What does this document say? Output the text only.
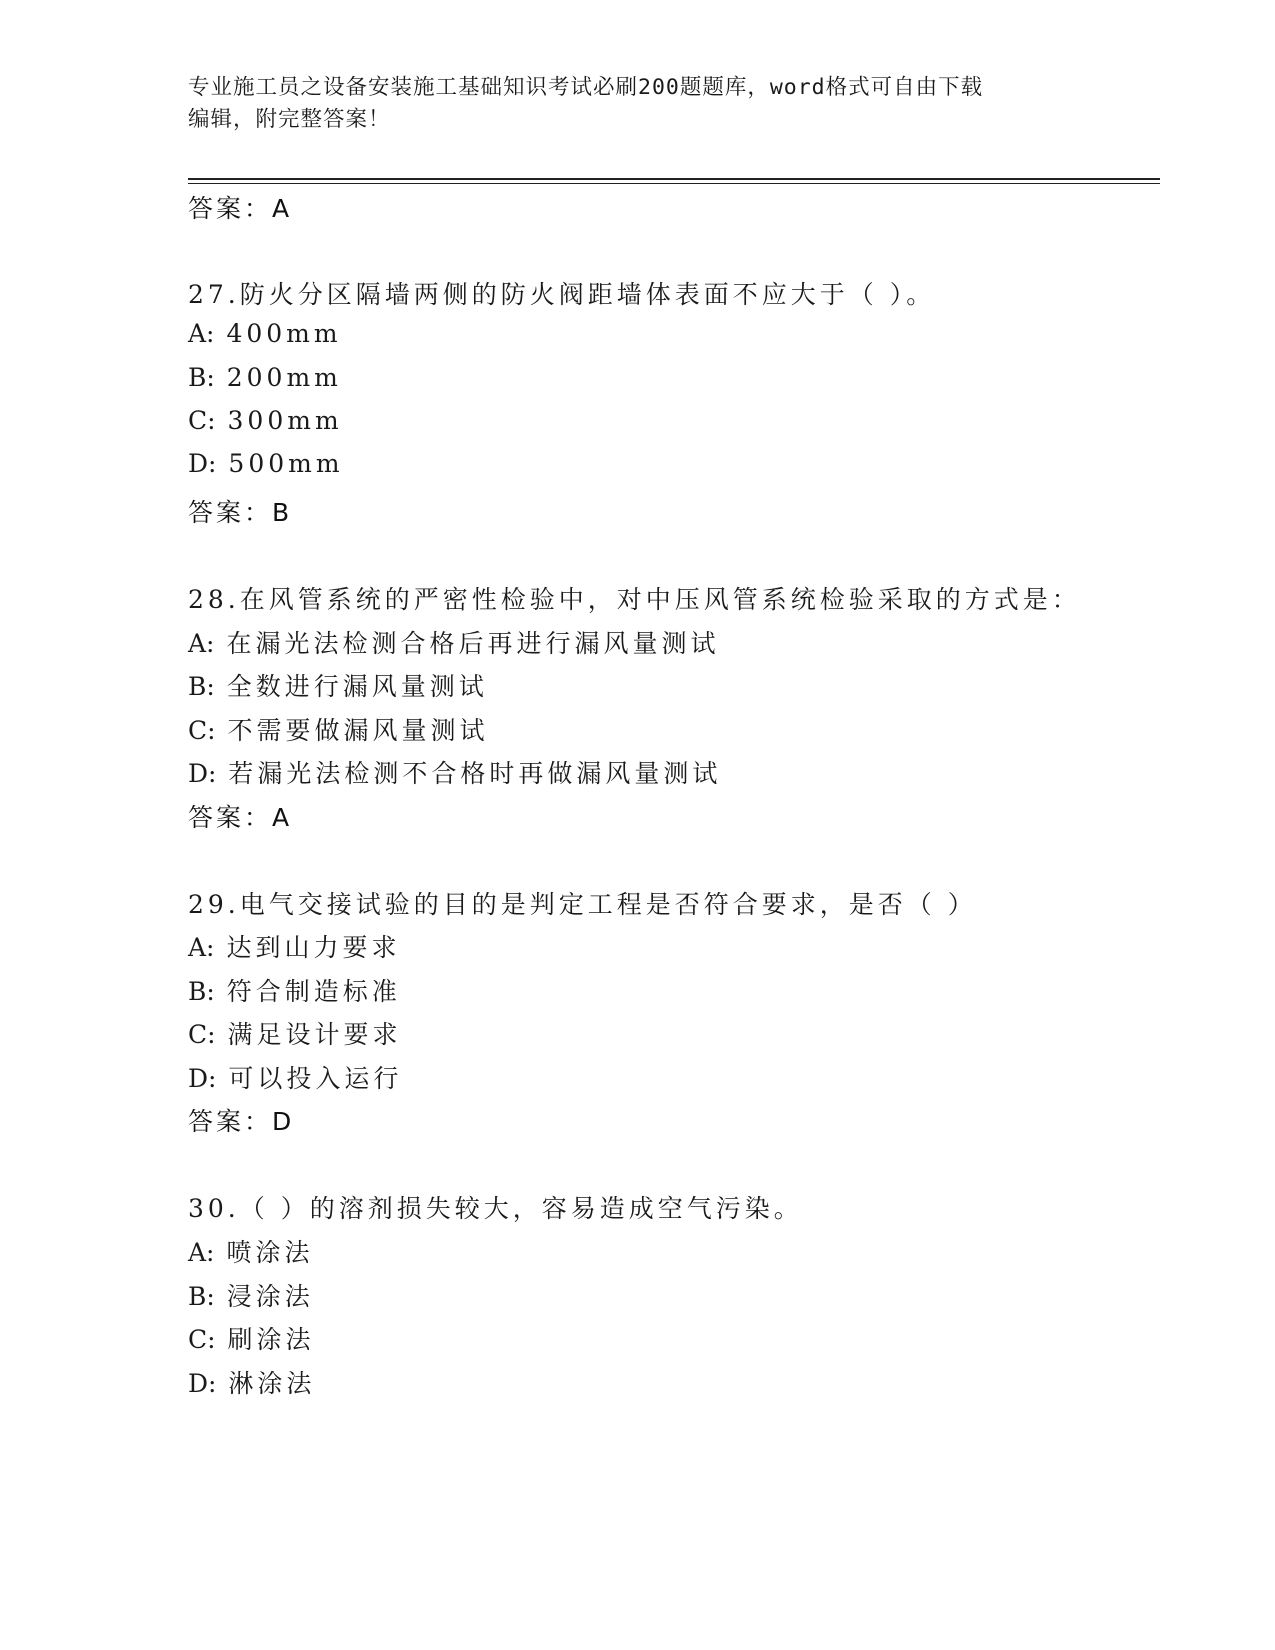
专业施工员之设备安装施工基础知识考试必刷200题题库，word格式可自由下载
编辑，附完整答案！
答案：A
27.防火分区隔墙两侧的防火阀距墙体表面不应大于（ ）。
A: 400mm
B: 200mm
C: 300mm
D: 500mm
答案：B
28.在风管系统的严密性检验中，对中压风管系统检验采取的方式是：
A: 在漏光法检测合格后再进行漏风量测试
B: 全数进行漏风量测试
C: 不需要做漏风量测试
D: 若漏光法检测不合格时再做漏风量测试
答案：A
29.电气交接试验的目的是判定工程是否符合要求，是否（ ）
A: 达到山力要求
B: 符合制造标准
C: 满足设计要求
D: 可以投入运行
答案：D
30.（ ）的溶剂损失较大，容易造成空气污染。
A: 喷涂法
B: 浸涂法
C: 刷涂法
D: 淋涂法
